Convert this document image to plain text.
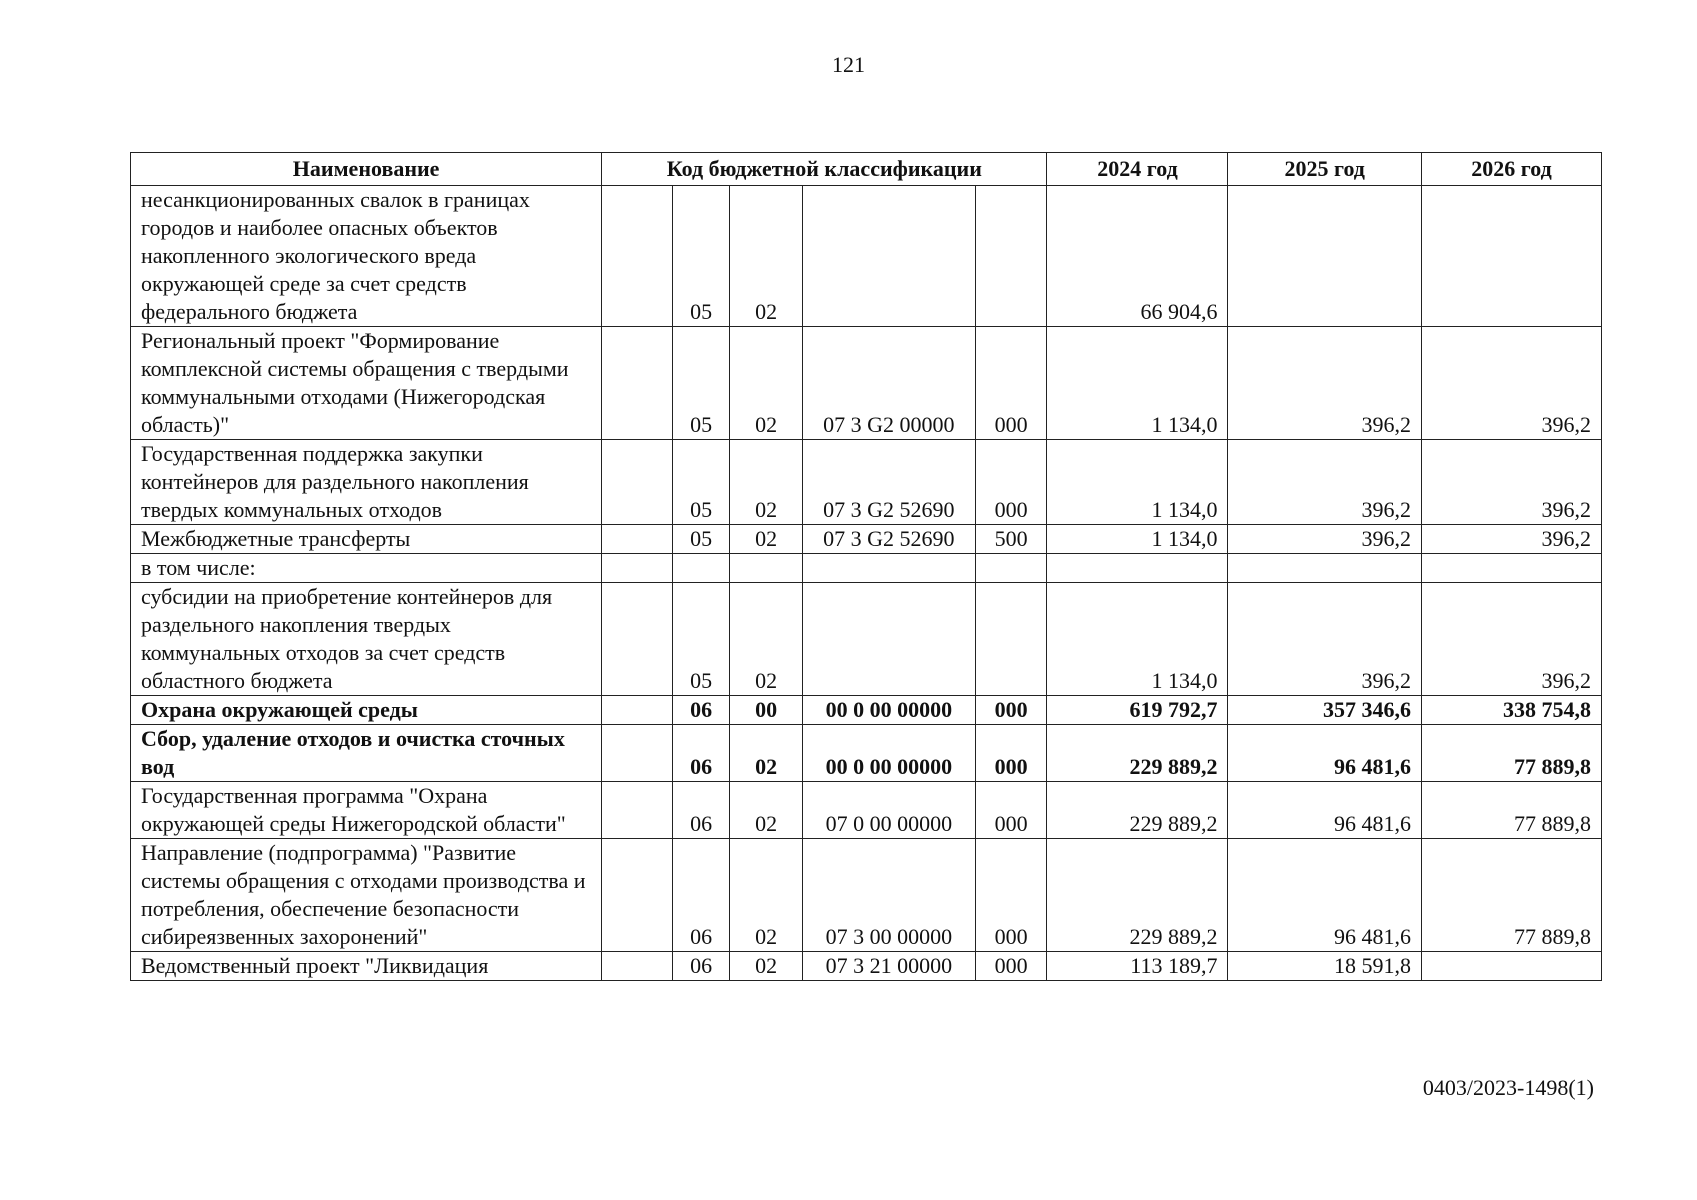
121
Наименование	Код бюджетной классификации					2024 год	2025 год	2026 год
несанкционированных свалок в границах городов и наиболее опасных объектов накопленного экологического вреда окружающей среде за счет средств федерального бюджета		05	02			66 904,6		
Региональный проект "Формирование комплексной системы обращения с твердыми коммунальными отходами (Нижегородская область)"		05	02	07 3 G2 00000	000	1 134,0	396,2	396,2
Государственная поддержка закупки контейнеров для раздельного накопления твердых коммунальных отходов		05	02	07 3 G2 52690	000	1 134,0	396,2	396,2
Межбюджетные трансферты		05	02	07 3 G2 52690	500	1 134,0	396,2	396,2
в том числе:								
субсидии на приобретение контейнеров для раздельного накопления твердых коммунальных отходов за счет средств областного бюджета		05	02			1 134,0	396,2	396,2
Охрана окружающей среды		06	00	00 0 00 00000	000	619 792,7	357 346,6	338 754,8
Сбор, удаление отходов и очистка сточных вод		06	02	00 0 00 00000	000	229 889,2	96 481,6	77 889,8
Государственная программа "Охрана окружающей среды Нижегородской области"		06	02	07 0 00 00000	000	229 889,2	96 481,6	77 889,8
Направление (подпрограмма) "Развитие системы обращения с отходами производства и потребления, обеспечение безопасности сибиреязвенных захоронений"		06	02	07 3 00 00000	000	229 889,2	96 481,6	77 889,8
Ведомственный проект "Ликвидация		06	02	07 3 21 00000	000	113 189,7	18 591,8	
0403/2023-1498(1)
